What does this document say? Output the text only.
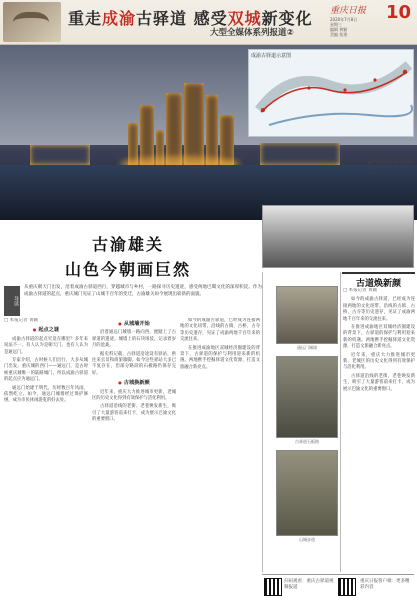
重走成渝古驿道 感受双城新变化
大型全媒体系列报道②
重庆日报 10
2020年7月8日
星期三
编辑 黄颖
美编 张建
成渝古驿道示意图
▲重庆老城全景（资料图片）
古渝雄关
山色今朝画巨然
导读
从重庆朝天门出发，沿着成渝古驿道西行，穿越城市与乡村，一路探寻历史遗迹，感受两地巴蜀文化的深厚积淀。作为成渝古驿道的起点，重庆城门见证了山城千百年的变迁，古渝雄关如今展现出崭新的面貌。
□ 本报记者 黄颖
● 起点之谜

成渝古驿道的起点究竟在哪里？多年来说法不一。有人认为是朝天门，也有人认为是通远门。

专家介绍，古时候人们出行，大多从城门出发。重庆城的西门——通远门，是古时候重庆城唯一的陆路城门，所以成渝古驿道的起点应为通远门。

通远门始建于明代，历经数百年风雨，依然屹立。如今，通远门城墙经过保护修缮，成为市民休闲游览的好去处。

● 从城墙开始

沿着通远门城墙一路向西，便踏上了古驿道的遗迹。城墙上的石块斑驳，记录着岁月的沧桑。

据史料记载，古驿道沿途设有驿站，供往来官员和商旅歇脚。如今这些驿站大多已不复存在，但部分路段的石板路仍保存完好。

● 古城换新颜

近年来，重庆大力推进城市更新，老城区的历史文化得到有效保护与活化利用。

古驿道沿线的老街、老巷焕发新生，吸引了大量游客前来打卡，成为展示巴渝文化的重要窗口。

如今的成渝古驿道，已经成为连接两地的文化纽带。沿线的古镇、古桥、古寺等历史遗存，见证了成渝两地千百年来的交流往来。

在推进成渝地区双城经济圈建设的背景下，古驿道的保护与利用迎来新的机遇。两地携手挖掘驿道文化资源，打造文旅融合新亮点。

通远门城墙
古驿道石板路
山城步道
古道焕新颜
□ 本报记者 黄颖

如今的成渝古驿道，已经成为连接两地的文化纽带。沿线的古镇、古桥、古寺等历史遗存，见证了成渝两地千百年来的交流往来。

在推进成渝地区双城经济圈建设的背景下，古驿道的保护与利用迎来新的机遇。两地携手挖掘驿道文化资源，打造文旅融合新亮点。

近年来，重庆大力推进城市更新，老城区的历史文化得到有效保护与活化利用。

古驿道沿线的老街、老巷焕发新生，吸引了大量游客前来打卡，成为展示巴渝文化的重要窗口。

扫码观看：重庆古驿道视频报道
重庆日报客户端：更多精彩内容
